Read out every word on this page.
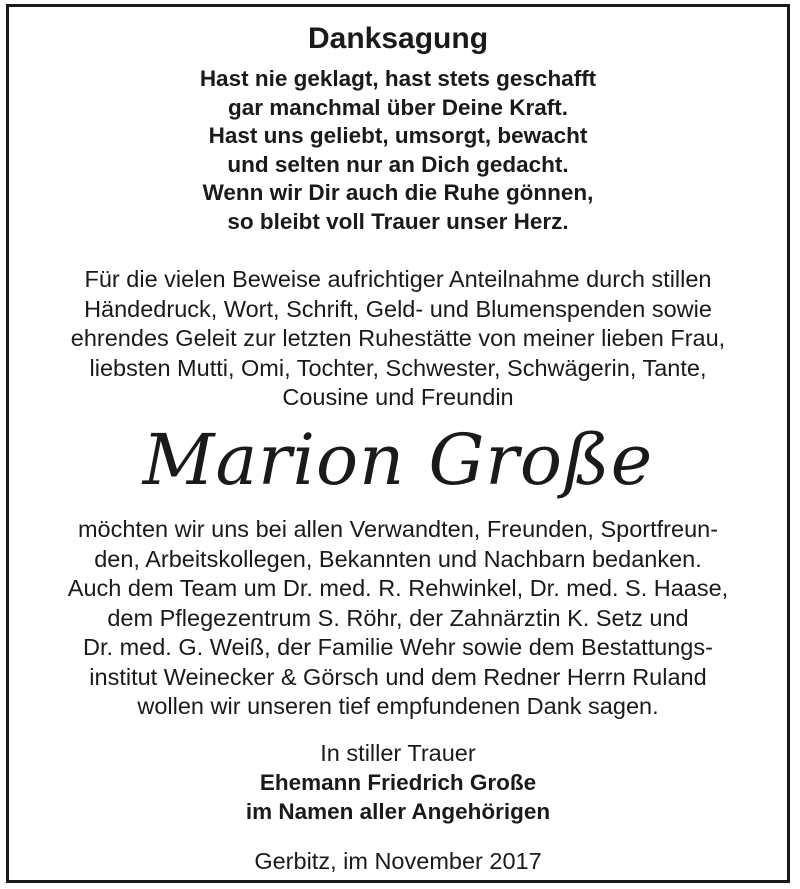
Danksagung
Hast nie geklagt, hast stets geschafft
gar manchmal über Deine Kraft.
Hast uns geliebt, umsorgt, bewacht
und selten nur an Dich gedacht.
Wenn wir Dir auch die Ruhe gönnen,
so bleibt voll Trauer unser Herz.
Für die vielen Beweise aufrichtiger Anteilnahme durch stillen
Händedruck, Wort, Schrift, Geld- und Blumenspenden sowie
ehrendes Geleit zur letzten Ruhestätte von meiner lieben Frau,
liebsten Mutti, Omi, Tochter, Schwester, Schwägerin, Tante,
Cousine und Freundin
Marion Große
möchten wir uns bei allen Verwandten, Freunden, Sportfreun-
den, Arbeitskollegen, Bekannten und Nachbarn bedanken.
Auch dem Team um Dr. med. R. Rehwinkel, Dr. med. S. Haase,
dem Pflegezentrum S. Röhr, der Zahnärztin K. Setz und
Dr. med. G. Weiß, der Familie Wehr sowie dem Bestattungs-
institut Weinecker & Görsch und dem Redner Herrn Ruland
wollen wir unseren tief empfundenen Dank sagen.
In stiller Trauer
Ehemann Friedrich Große
im Namen aller Angehörigen
Gerbitz, im November 2017
